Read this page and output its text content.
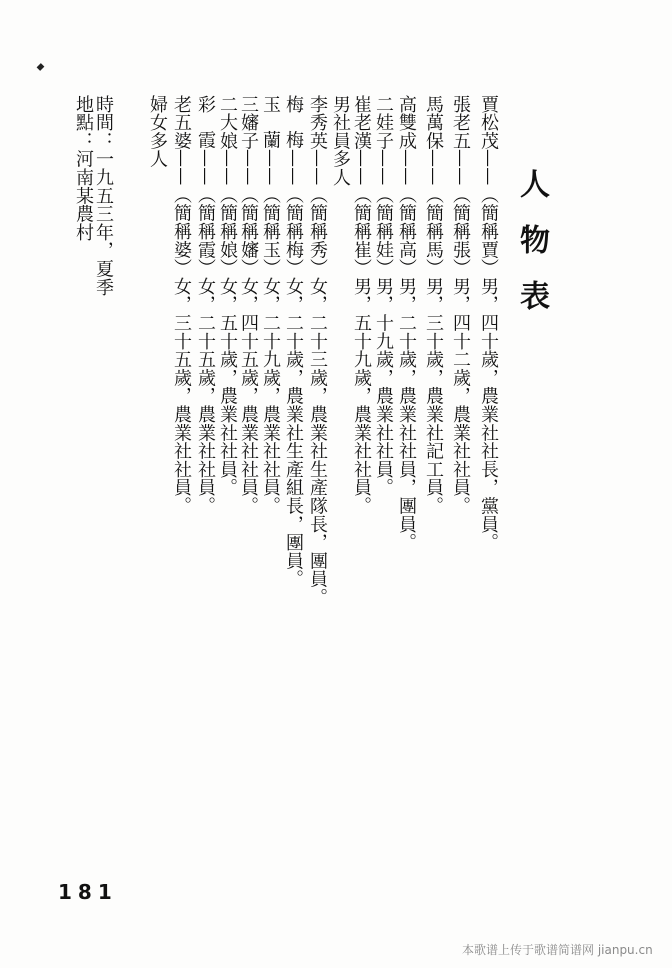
人物表
賈松茂——（簡稱賈）男，四十歲，農業社社長，黨員。
張老五——（簡稱張）男，四十二歲，農業社社員。
馬萬保——（簡稱馬）男，三十歲，農業社記工員。
高雙成——（簡稱高）男，二十歲，農業社社員，團員。
二娃子——（簡稱娃）男，十九歲，農業社社員。
崔老漢——（簡稱崔）男，五十九歲，農業社社員。
男社員多人
李秀英——（簡稱秀）女，二十三歲，農業社生產隊長，團員。
梅梅——（簡稱梅）女，二十歲，農業社生產組長，團員。
玉蘭——（簡稱玉）女，二十九歲，農業社社員。
三嬸子——（簡稱嬸）女，四十五歲，農業社社員。
二大娘——（簡稱娘）女，五十歲，農業社社員。
彩霞——（簡稱霞）女，二十五歲，農業社社員。
老五婆——（簡稱婆）女，三十五歲，農業社社員。
婦女多人
時間：一九五三年，夏季
地點：河南某農村
181
本歌谱上传于歌谱简谱网 jianpu.cn
